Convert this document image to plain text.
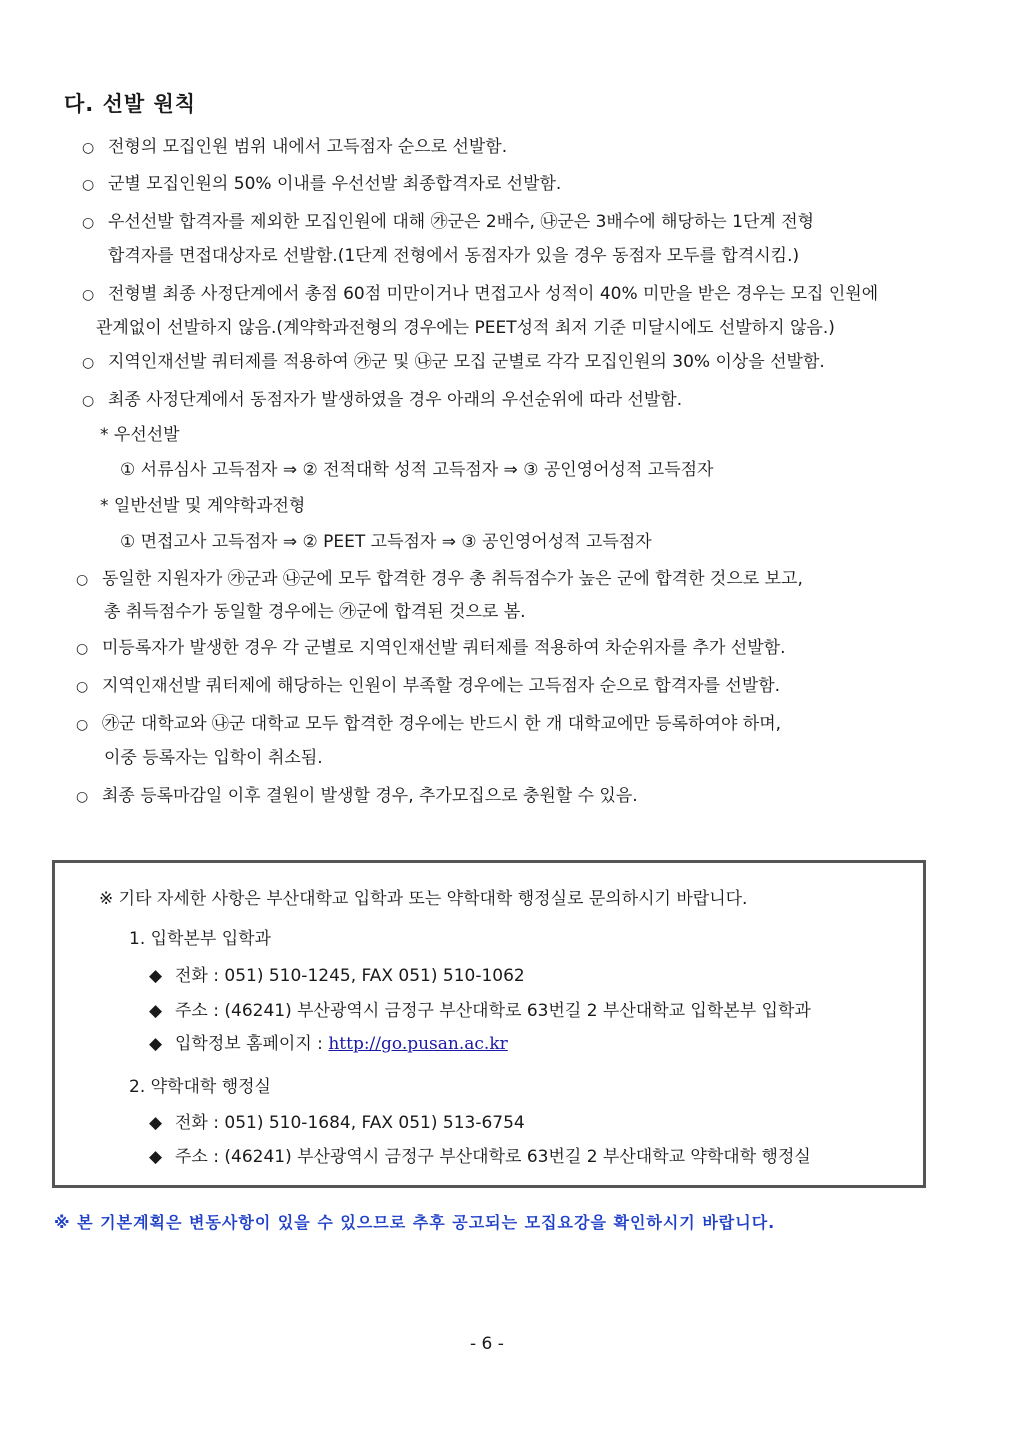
다. 선발 원칙
○ 전형의 모집인원 범위 내에서 고득점자 순으로 선발함.
○ 군별 모집인원의 50% 이내를 우선선발 최종합격자로 선발함.
○ 우선선발 합격자를 제외한 모집인원에 대해 ㉮군은 2배수, ㉯군은 3배수에 해당하는 1단계 전형
합격자를 면접대상자로 선발함.(1단계 전형에서 동점자가 있을 경우 동점자 모두를 합격시킴.)
○ 전형별 최종 사정단계에서 총점 60점 미만이거나 면접고사 성적이 40% 미만을 받은 경우는 모집 인원에
관계없이 선발하지 않음.(계약학과전형의 경우에는 PEET성적 최저 기준 미달시에도 선발하지 않음.)
○ 지역인재선발 쿼터제를 적용하여 ㉮군 및 ㉯군 모집 군별로 각각 모집인원의 30% 이상을 선발함.
○ 최종 사정단계에서 동점자가 발생하였을 경우 아래의 우선순위에 따라 선발함.
* 우선선발
① 서류심사 고득점자 ⇒ ② 전적대학 성적 고득점자 ⇒ ③ 공인영어성적 고득점자
* 일반선발 및 계약학과전형
① 면접고사 고득점자 ⇒ ② PEET 고득점자 ⇒ ③ 공인영어성적 고득점자
○ 동일한 지원자가 ㉮군과 ㉯군에 모두 합격한 경우 총 취득점수가 높은 군에 합격한 것으로 보고,
총 취득점수가 동일할 경우에는 ㉮군에 합격된 것으로 봄.
○ 미등록자가 발생한 경우 각 군별로 지역인재선발 쿼터제를 적용하여 차순위자를 추가 선발함.
○ 지역인재선발 쿼터제에 해당하는 인원이 부족할 경우에는 고득점자 순으로 합격자를 선발함.
○ ㉮군 대학교와 ㉯군 대학교 모두 합격한 경우에는 반드시 한 개 대학교에만 등록하여야 하며,
이중 등록자는 입학이 취소됨.
○ 최종 등록마감일 이후 결원이 발생할 경우, 추가모집으로 충원할 수 있음.
※ 기타 자세한 사항은 부산대학교 입학과 또는 약학대학 행정실로 문의하시기 바랍니다.
1. 입학본부 입학과
◆ 전화 : 051) 510-1245, FAX 051) 510-1062
◆ 주소 : (46241) 부산광역시 금정구 부산대학로 63번길 2 부산대학교 입학본부 입학과
◆ 입학정보 홈페이지 : http://go.pusan.ac.kr
2. 약학대학 행정실
◆ 전화 : 051) 510-1684, FAX 051) 513-6754
◆ 주소 : (46241) 부산광역시 금정구 부산대학로 63번길 2 부산대학교 약학대학 행정실
※ 본 기본계획은 변동사항이 있을 수 있으므로 추후 공고되는 모집요강을 확인하시기 바랍니다.
- 6 -
